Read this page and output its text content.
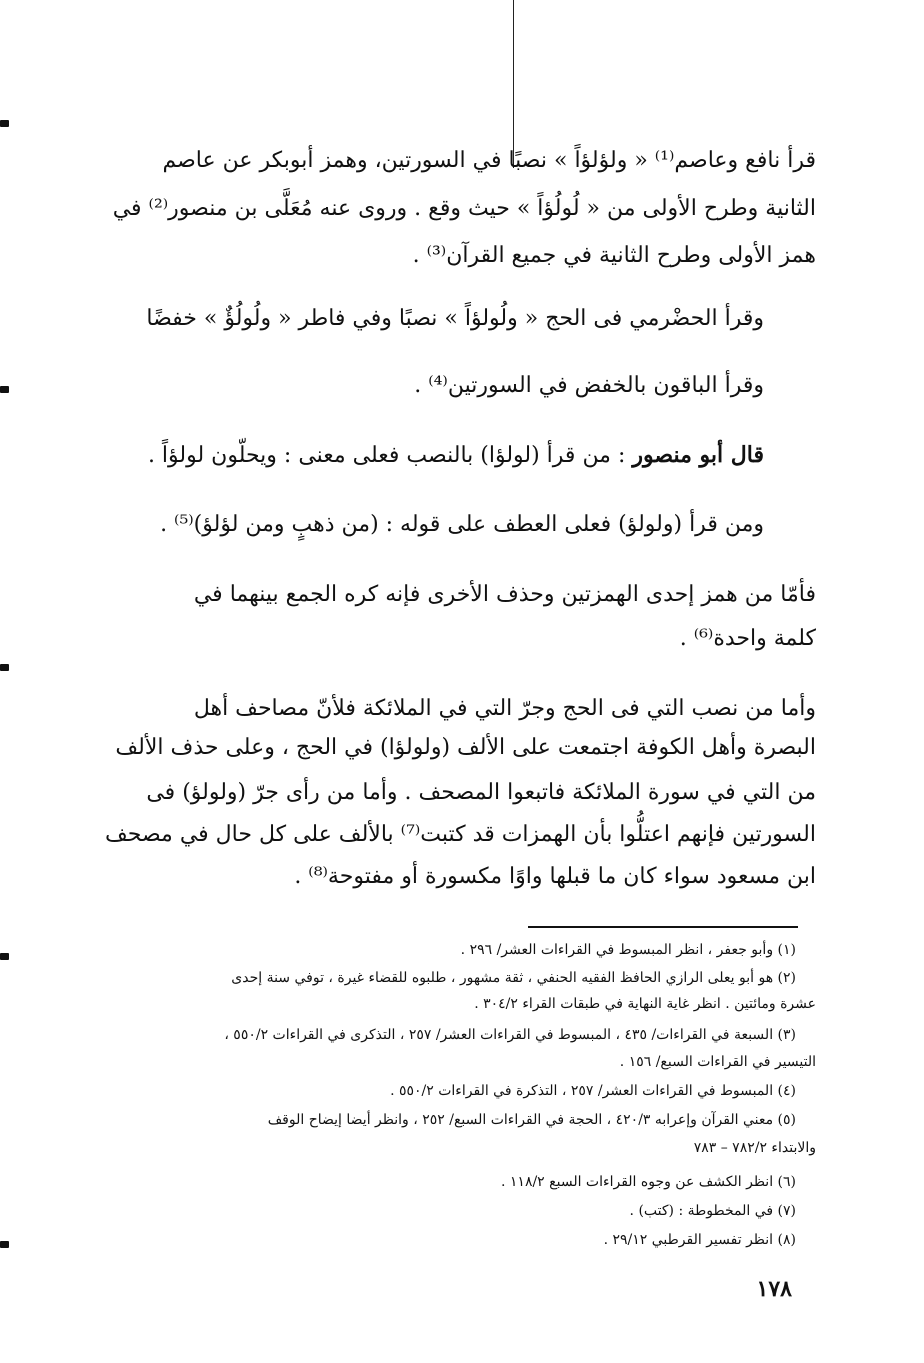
قرأ نافع وعاصم⁽¹⁾ « ولؤلؤاً » نصبًا في السورتين، وهمز أبوبكر عن عاصم
الثانية وطرح الأولى من « لُولُؤاً » حيث وقع . وروى عنه مُعَلَّى بن منصور⁽²⁾ في
همز الأولى وطرح الثانية في جميع القرآن⁽³⁾ .
وقرأ الحضْرمي فى الحج « ولُولؤاً » نصبًا وفي فاطر « ولُولُؤٌ » خفضًا
وقرأ الباقون بالخفض في السورتين⁽⁴⁾ .
قال أبو منصور : من قرأ (لولؤا) بالنصب فعلى معنى : ويحلّون لولؤاً .
ومن قرأ (ولولؤ) فعلى العطف على قوله : (من ذهبٍ ومن لؤلؤ)⁽⁵⁾ .
فأمّا من همز إحدى الهمزتين وحذف الأخرى فإنه كره الجمع بينهما في
كلمة واحدة⁽⁶⁾ .
وأما من نصب التي فى الحج وجرّ التي في الملائكة فلأنّ مصاحف أهل
البصرة وأهل الكوفة اجتمعت على الألف (ولولؤا) في الحج ، وعلى حذف الألف
من التي في سورة الملائكة فاتبعوا المصحف . وأما من رأى جرّ (ولولؤ) فى
السورتين فإنهم اعتلُّوا بأن الهمزات قد كتبت⁽⁷⁾ بالألف على كل حال في مصحف
ابن مسعود سواء كان ما قبلها واوًا مكسورة أو مفتوحة⁽⁸⁾ .
(١) وأبو جعفر ، انظر المبسوط في القراءات العشر/ ٢٩٦ .
(٢) هو أبو يعلى الرازي الحافظ الفقيه الحنفي ، ثقة مشهور ، طلبوه للقضاء غيرة ، توفي سنة إحدى
عشرة ومائتين . انظر غاية النهاية في طبقات القراء ٣٠٤/٢ .
(٣) السبعة في القراءات/ ٤٣٥ ، المبسوط في القراءات العشر/ ٢٥٧ ، التذكرى في القراءات ٥٥٠/٢ ،
التيسير في القراءات السبع/ ١٥٦ .
(٤) المبسوط في القراءات العشر/ ٢٥٧ ، التذكرة في القراءات ٥٥٠/٢ .
(٥) معني القرآن وإعرابه ٤٢٠/٣ ، الحجة في القراءات السبع/ ٢٥٢ ، وانظر أيضا إيضاح الوقف
والابتداء ٧٨٢/٢ – ٧٨٣
(٦) انظر الكشف عن وجوه القراءات السبع ١١٨/٢ .
(٧) في المخطوطة : (كتب) .
(٨) انظر تفسير القرطبي ٢٩/١٢ .
١٧٨
